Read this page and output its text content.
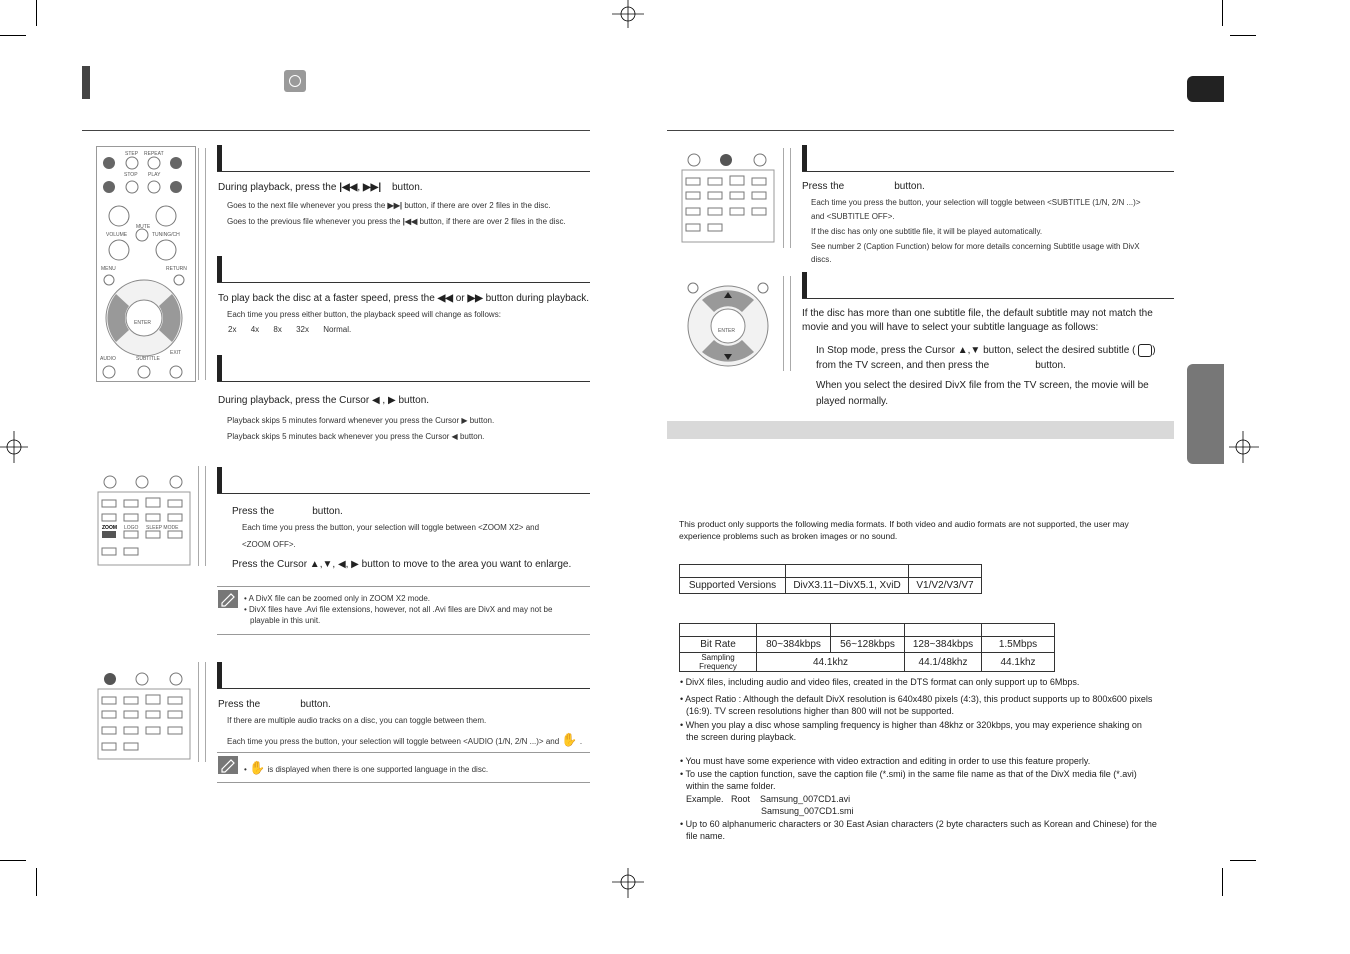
STEP REPEAT
STOP PLAY
VOLUME
MUTE
TUNING/CH
MENU	RETURN
ENTER
AUDIO	SUBTITLE
EXIT
ZOOM LOGO SLEEP MODE
ENTER
During playback, press the |◀◀, ▶▶| button.
Goes to the next file whenever you press the ▶▶| button, if there are over 2 files in the disc.
Goes to the previous file whenever you press the |◀◀ button, if there are over 2 files in the disc.
To play back the disc at a faster speed, press the ◀◀ or ▶▶ button during playback.
Each time you press either button, the playback speed will change as follows:
2x 4x 8x 32x Normal.
During playback, press the Cursor ◀ , ▶ button.
Playback skips 5 minutes forward whenever you press the Cursor ▶ button.
Playback skips 5 minutes back whenever you press the Cursor ◀ button.
Press the	button.
Each time you press the button, your selection will toggle between <ZOOM X2> and
<ZOOM OFF>.
Press the Cursor ▲,▼, ◀, ▶ button to move to the area you want to enlarge.
• A DivX file can be zoomed only in ZOOM X2 mode.
• DivX files have .Avi file extensions, however, not all .Avi files are DivX and may not be
playable in this unit.
Press the	button.
If there are multiple audio tracks on a disc, you can toggle between them.
Each time you press the button, your selection will toggle between <AUDIO (1/N, 2/N ...)> and ✋ .
• ✋ is displayed when there is one supported language in the disc.
Press the	button.
Each time you press the button, your selection will toggle between <SUBTITLE (1/N, 2/N ...)>
and <SUBTITLE OFF>.
If the disc has only one subtitle file, it will be played automatically.
See number 2 (Caption Function) below for more details concerning Subtitle usage with DivX
discs.
If the disc has more than one subtitle file, the default subtitle may not match the
movie and you will have to select your subtitle language as follows:
In Stop mode, press the Cursor ▲,▼ button, select the desired subtitle ( )
from the TV screen, and then press the	button.
When you select the desired DivX file from the TV screen, the movie will be
played normally.
This product only supports the following media formats. If both video and audio formats are not supported, the user may
experience problems such as broken images or no sound.

Supported Versions	DivX3.11~DivX5.1, XviD	V1/V2/V3/V7

Bit Rate	80~384kbps	56~128kbps	128~384kbps	1.5Mbps
Sampling Frequency	44.1khz		44.1/48khz	44.1khz
• DivX files, including audio and video files, created in the DTS format can only support up to 6Mbps.
• Aspect Ratio : Although the default DivX resolution is 640x480 pixels (4:3), this product supports up to 800x600 pixels
(16:9). TV screen resolutions higher than 800 will not be supported.
• When you play a disc whose sampling frequency is higher than 48khz or 320kbps, you may experience shaking on
the screen during playback.
• You must have some experience with video extraction and editing in order to use this feature properly.
• To use the caption function, save the caption file (*.smi) in the same file name as that of the DivX media file (*.avi)
within the same folder.
Example.   Root    Samsung_007CD1.avi
Samsung_007CD1.smi
• Up to 60 alphanumeric characters or 30 East Asian characters (2 byte characters such as Korean and Chinese) for the
file name.
